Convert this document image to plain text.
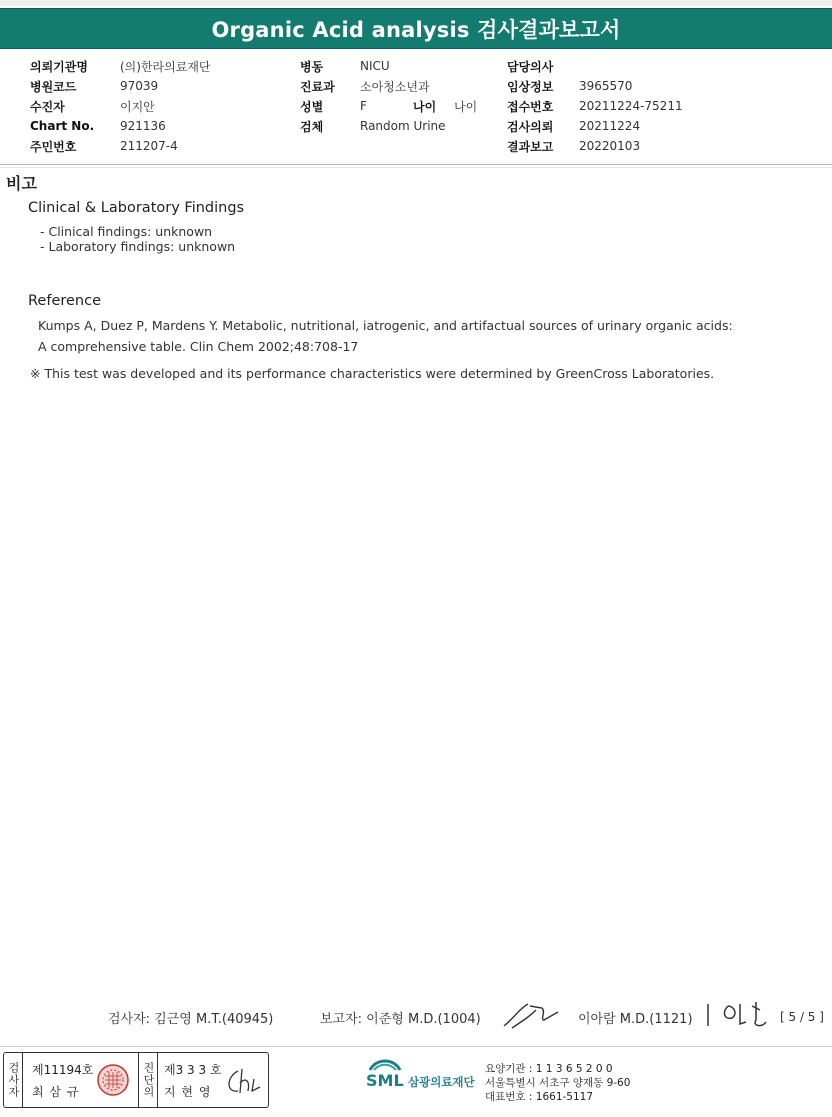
Organic Acid analysis 검사결과보고서
의뢰기관명	(의)한라의료재단
병원코드	97039
수진자	이지안
Chart No.	921136
주민번호	211207-4
병동	NICU
진료과	소아청소년과
성별	F	나이	나이
검체	Random Urine
담당의사
임상정보	3965570
접수번호	20211224-75211
검사의뢰	20211224
결과보고	20220103
비고
Clinical & Laboratory Findings
- Clinical findings: unknown
- Laboratory findings: unknown
Reference
Kumps A, Duez P, Mardens Y. Metabolic, nutritional, iatrogenic, and artifactual sources of urinary organic acids:
A comprehensive table. Clin Chem 2002;48:708-17
※ This test was developed and its performance characteristics were determined by GreenCross Laboratories.
검사자: 김근영 M.T.(40945)	보고자: 이준형 M.D.(1004)	이아람 M.D.(1121)	[ 5 / 5 ]
검사자 제11194호
최 삼 규	진단의 제3 3 3 호
지 현 영
SML 삼광의료재단
요양기관 : 1 1 3 6 5 2 0 0
서울특별시 서초구 양재동 9-60
대표번호 : 1661-5117
